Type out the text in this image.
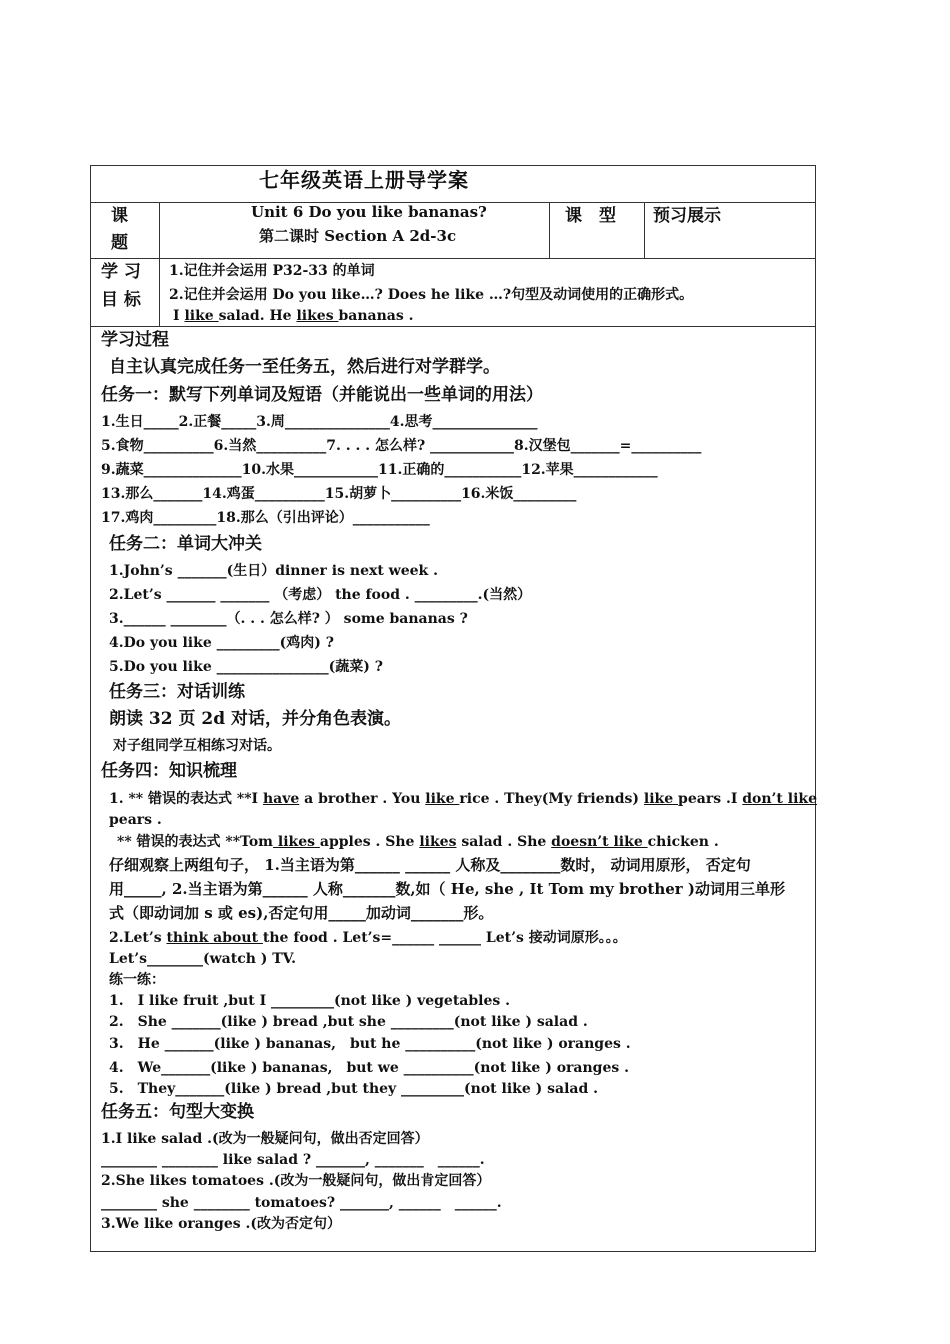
七年级英语上册导学案
课
题
Unit 6 Do you like bananas?
第二课时 Section A 2d-3c
课　型 预习展示
学 习
目 标
1.记住并会运用 P32-33 的单词
2.记住并会运用 Do you like…? Does he like …?句型及动词使用的正确形式。
I like salad. He likes bananas .
学习过程
自主认真完成任务一至任务五，然后进行对学群学。
任务一：默写下列单词及短语（并能说出一些单词的用法）
1.生日_____2.正餐_____3.周_______________4.思考_______________
5.食物__________6.当然__________7. . . . 怎么样? ____________8.汉堡包_______=__________
9.蔬菜______________10.水果____________11.正确的___________12.苹果____________
13.那么_______14.鸡蛋__________15.胡萝卜__________16.米饭_________
17.鸡肉_________18.那么（引出评论）___________
任务二：单词大冲关
1.John’s _______(生日）dinner is next week .
2.Let’s _______ _______ （考虑） the food . _________.(当然）
3.______ ________（. . . 怎么样? ） some bananas ?
4.Do you like _________(鸡肉) ?
5.Do you like ________________(蔬菜) ?
任务三：对话训练
朗读 32 页 2d 对话，并分角色表演。
对子组同学互相练习对话。
任务四：知识梳理
1. ** 错误的表达式 **I have a brother . You like rice . They(My friends) like pears .I don’t like
pears .
** 错误的表达式 **Tom likes apples . She likes salad . She doesn’t like chicken .
仔细观察上两组句子， 1.当主语为第______ ______ 人称及________数时， 动词用原形， 否定句
用_____, 2.当主语为第______ 人称_______数,如（ He, she , It Tom my brother )动词用三单形
式（即动词加 s 或 es),否定句用_____加动词_______形。
2.Let’s think about the food . Let’s=______ ______ Let’s 接动词原形。。。
Let’s________(watch ) TV.
练一练：
1.　I like fruit ,but I _________(not like ) vegetables .
2.　She _______(like ) bread ,but she _________(not like ) salad .
3.　He _______(like ) bananas,　but he __________(not like ) oranges .
4.　We_______(like ) bananas,　but we __________(not like ) oranges .
5.　They_______(like ) bread ,but they _________(not like ) salad .
任务五：句型大变换
1.I like salad .(改为一般疑问句，做出否定回答）
________ ________ like salad ? _______, _______　______.
2.She likes tomatoes .(改为一般疑问句，做出肯定回答）
________ she ________ tomatoes? _______, ______　______.
3.We like oranges .(改为否定句）
